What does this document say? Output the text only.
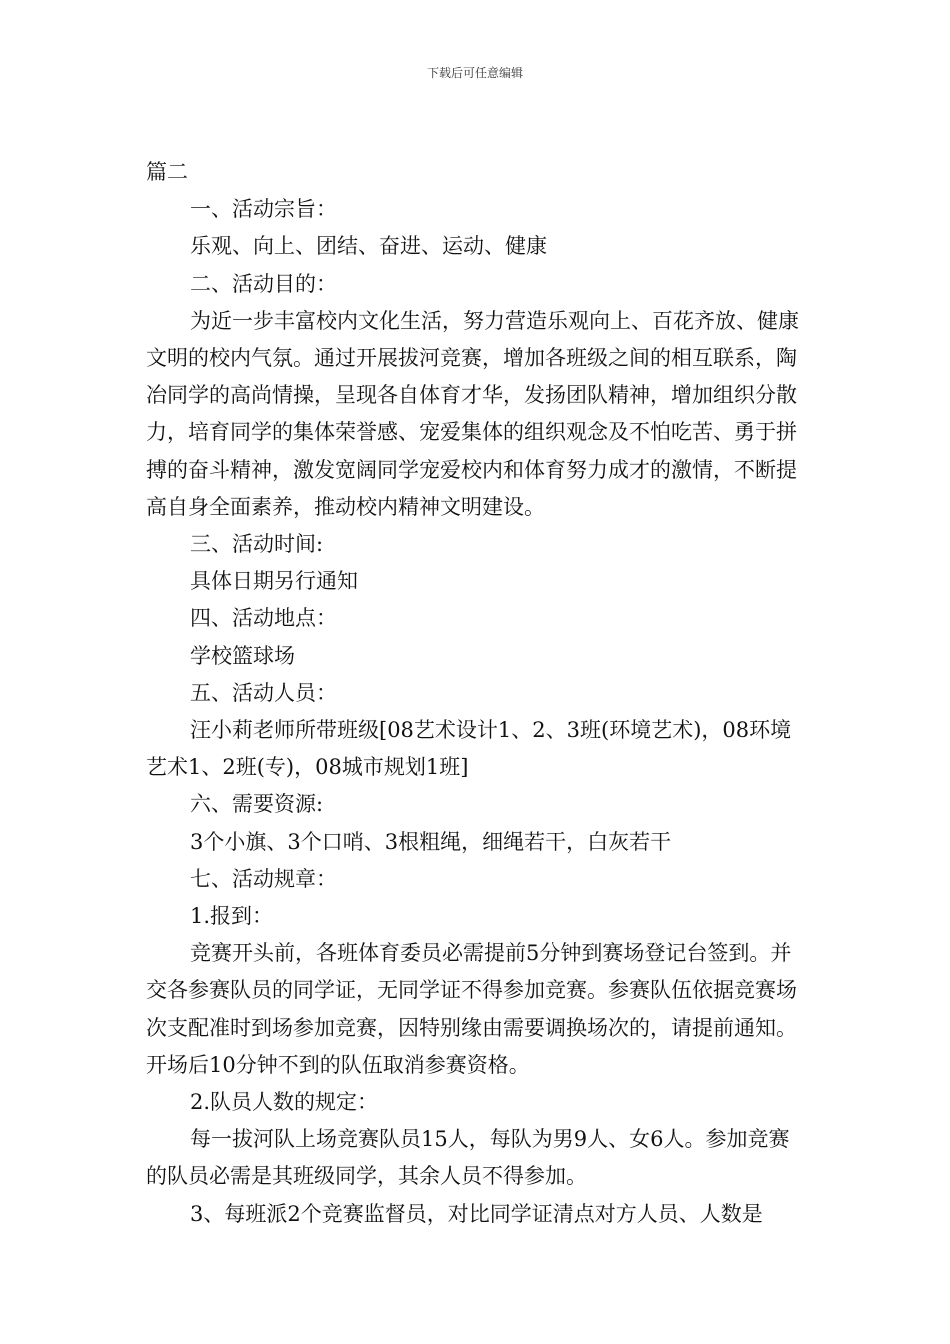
下载后可任意编辑

篇二

一、活动宗旨：

乐观、向上、团结、奋进、运动、健康

二、活动目的：

为近一步丰富校内文化生活，努力营造乐观向上、百花齐放、健康文明的校内气氛。通过开展拔河竞赛，增加各班级之间的相互联系，陶冶同学的高尚情操，呈现各自体育才华，发扬团队精神，增加组织分散力，培育同学的集体荣誉感、宠爱集体的组织观念及不怕吃苦、勇于拼搏的奋斗精神，激发宽阔同学宠爱校内和体育努力成才的激情，不断提高自身全面素养，推动校内精神文明建设。

三、活动时间:

具体日期另行通知

四、活动地点：

学校篮球场

五、活动人员：

汪小莉老师所带班级[08艺术设计1、2、3班(环境艺术)，08环境艺术1、2班(专)，08城市规划1班]

六、需要资源:

3个小旗、3个口哨、3根粗绳，细绳若干，白灰若干

七、活动规章：

1.报到：

竞赛开头前，各班体育委员必需提前5分钟到赛场登记台签到。并交各参赛队员的同学证，无同学证不得参加竞赛。参赛队伍依据竞赛场次支配准时到场参加竞赛，因特别缘由需要调换场次的，请提前通知。开场后10分钟不到的队伍取消参赛资格。

2.队员人数的规定：

每一拔河队上场竞赛队员15人，每队为男9人、女6人。参加竞赛的队员必需是其班级同学，其余人员不得参加。

3、每班派2个竞赛监督员，对比同学证清点对方人员、人数是
